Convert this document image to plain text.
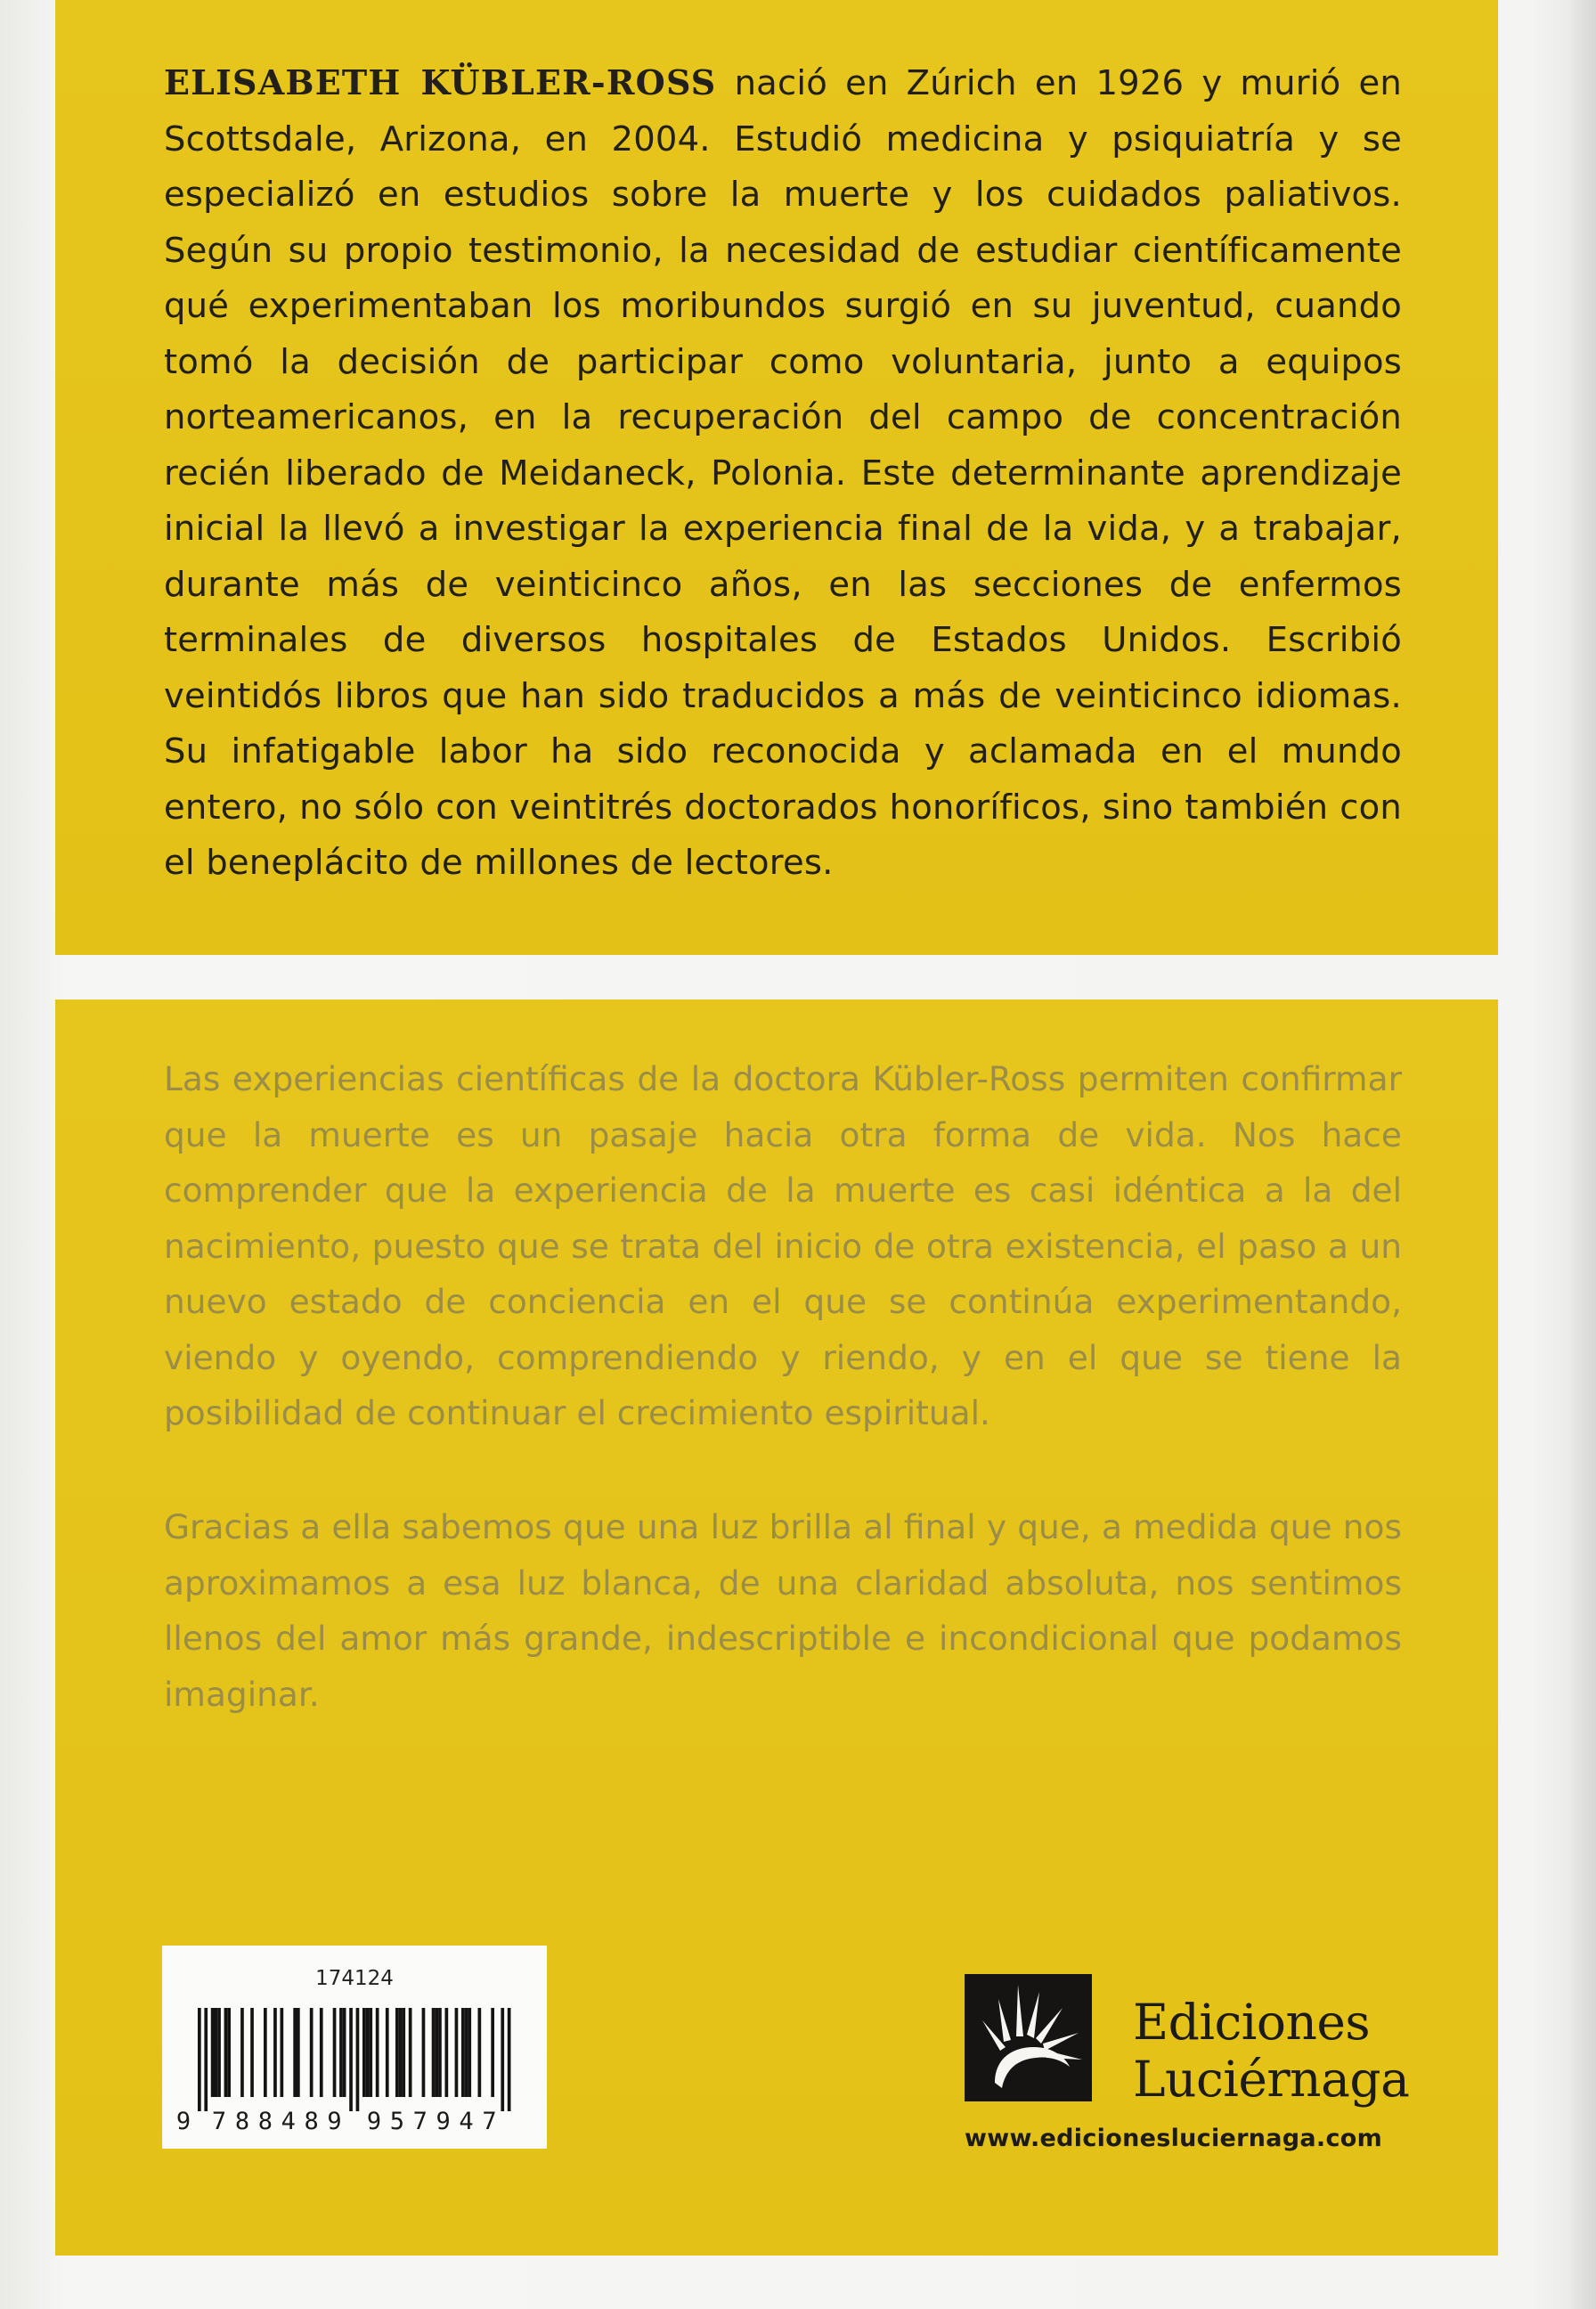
ELISABETH KÜBLER-ROSS nació en Zúrich en 1926 y murió en Scottsdale, Arizona, en 2004. Estudió medicina y psiquiatría y se especializó en estudios sobre la muerte y los cuidados paliativos. Según su propio testimonio, la necesidad de estudiar científicamente qué experimentaban los moribundos surgió en su juventud, cuando tomó la decisión de participar como voluntaria, junto a equipos norteamericanos, en la recuperación del campo de concentración recién liberado de Meidaneck, Polonia. Este determinante aprendizaje inicial la llevó a investigar la experiencia final de la vida, y a trabajar, durante más de veinticinco años, en las secciones de enfermos terminales de diversos hospitales de Estados Unidos. Escribió veintidós libros que han sido traducidos a más de veinticinco idiomas. Su infatigable labor ha sido reconocida y aclamada en el mundo entero, no sólo con veintitrés doctorados honoríficos, sino también con el beneplácito de millones de lectores.

Las experiencias científicas de la doctora Kübler-Ross permiten confirmar que la muerte es un pasaje hacia otra forma de vida. Nos hace comprender que la experiencia de la muerte es casi idéntica a la del nacimiento, puesto que se trata del inicio de otra existencia, el paso a un nuevo estado de conciencia en el que se continúa experimentando, viendo y oyendo, comprendiendo y riendo, y en el que se tiene la posibilidad de continuar el crecimiento espiritual.

Gracias a ella sabemos que una luz brilla al final y que, a medida que nos aproximamos a esa luz blanca, de una claridad absoluta, nos sentimos llenos del amor más grande, indescriptible e incondicional que podamos imaginar.

174124
9 7 8 8 4 8 9 9 5 7 9 4 7
Ediciones
Luciérnaga
www.edicionesluciernaga.com
